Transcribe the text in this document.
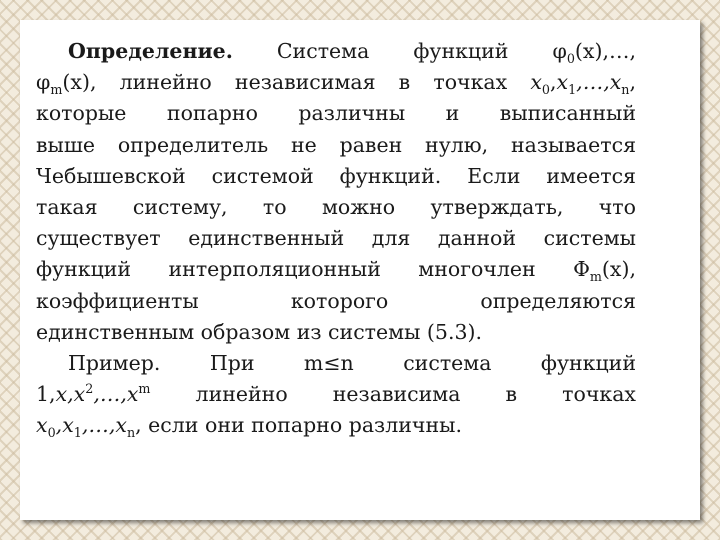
Определение. Система функций $\varphi_0(x),\dots$,
$\varphi_m(x)$, линейно независимая в точках $x_0,x_1,\dots,x_n$,
которые попарно различны и выписанный
выше определитель не равен нулю, называется
Чебышевской системой функций. Если имеется
такая систему, то можно утверждать, что
существует единственный для данной системы
функций интерполяционный многочлен $\Phi_m(x)$,
коэффициенты которого определяются
единственным образом из системы (5.3).

Пример. При m≤n система функций
$1,x,x^2,\dots,x^m$ линейно независима в точках
$x_0,x_1,\dots,x_n$, если они попарно различны.
